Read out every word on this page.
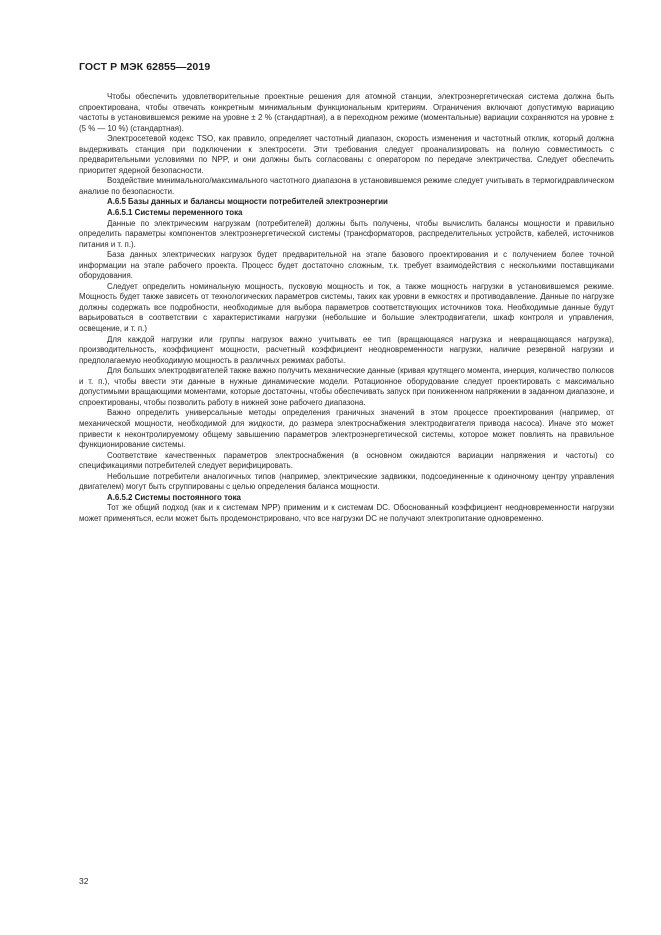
ГОСТ Р МЭК 62855—2019

Чтобы обеспечить удовлетворительные проектные решения для атомной станции, электроэнергетическая система должна быть спроектирована, чтобы отвечать конкретным минимальным функциональным критериям. Ограничения включают допустимую вариацию частоты в установившемся режиме на уровне ± 2 % (стандартная), а в переходном режиме (моментальные) вариации сохраняются на уровне ± (5 % — 10 %) (стандартная).

Электросетевой кодекс TSO, как правило, определяет частотный диапазон, скорость изменения и частотный отклик, который должна выдерживать станция при подключении к электросети. Эти требования следует проанализировать на полную совместимость с предварительными условиями по NPP, и они должны быть согласованы с оператором по передаче электричества. Следует обеспечить приоритет ядерной безопасности.

Воздействие минимального/максимального частотного диапазона в установившемся режиме следует учитывать в термогидравлическом анализе по безопасности.

А.6.5 Базы данных и балансы мощности потребителей электроэнергии
А.6.5.1 Системы переменного тока

Данные по электрическим нагрузкам (потребителей) должны быть получены, чтобы вычислить балансы мощности и правильно определить параметры компонентов электроэнергетической системы (трансформаторов, распределительных устройств, кабелей, источников питания и т. п.).

База данных электрических нагрузок будет предварительной на этапе базового проектирования и с получением более точной информации на этапе рабочего проекта. Процесс будет достаточно сложным, т.к. требует взаимодействия с несколькими поставщиками оборудования.

Следует определить номинальную мощность, пусковую мощность и ток, а также мощность нагрузки в установившемся режиме. Мощность будет также зависеть от технологических параметров системы, таких как уровни в емкостях и противодавление. Данные по нагрузке должны содержать все подробности, необходимые для выбора параметров соответствующих источников тока. Необходимые данные будут варьироваться в соответствии с характеристиками нагрузки (небольшие и большие электродвигатели, шкаф контроля и управления, освещение, и т. п.)

Для каждой нагрузки или группы нагрузок важно учитывать ее тип (вращающаяся нагрузка и невращающаяся нагрузка), производительность, коэффициент мощности, расчетный коэффициент неодновременности нагрузки, наличие резервной нагрузки и предполагаемую необходимую мощность в различных режимах работы.

Для больших электродвигателей также важно получить механические данные (кривая крутящего момента, инерция, количество полюсов и т. п.), чтобы ввести эти данные в нужные динамические модели. Ротационное оборудование следует проектировать с максимально допустимыми вращающими моментами, которые достаточны, чтобы обеспечивать запуск при пониженном напряжении в заданном диапазоне, и спроектированы, чтобы позволить работу в нижней зоне рабочего диапазона.

Важно определить универсальные методы определения граничных значений в этом процессе проектирования (например, от механической мощности, необходимой для жидкости, до размера электроснабжения электродвигателя привода насоса). Иначе это может привести к неконтролируемому общему завышению параметров электроэнергетической системы, которое может повлиять на правильное функционирование системы.

Соответствие качественных параметров электроснабжения (в основном ожидаются вариации напряжения и частоты) со спецификациями потребителей следует верифицировать.

Небольшие потребители аналогичных типов (например, электрические задвижки, подсоединенные к одиночному центру управления двигателем) могут быть сгруппированы с целью определения баланса мощности.

А.6.5.2 Системы постоянного тока

Тот же общий подход (как и к системам NPP) применим и к системам DC. Обоснованный коэффициент неодновременности нагрузки может применяться, если может быть продемонстрировано, что все нагрузки DC не получают электропитание одновременно.

32
